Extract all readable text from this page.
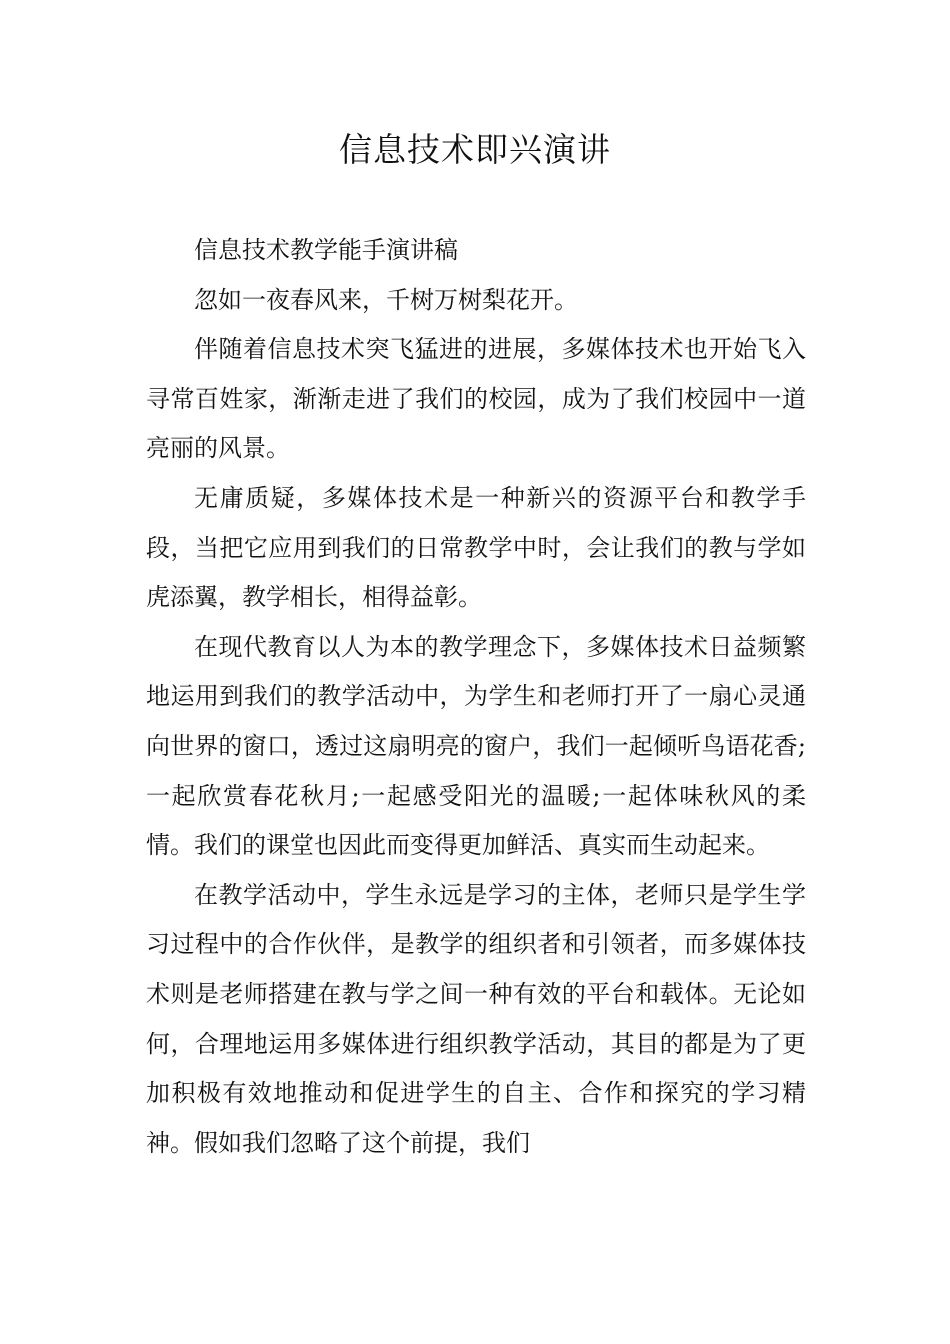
信息技术即兴演讲

信息技术教学能手演讲稿

忽如一夜春风来，千树万树梨花开。

伴随着信息技术突飞猛进的进展，多媒体技术也开始飞入寻常百姓家，渐渐走进了我们的校园，成为了我们校园中一道亮丽的风景。

无庸质疑，多媒体技术是一种新兴的资源平台和教学手段，当把它应用到我们的日常教学中时，会让我们的教与学如虎添翼，教学相长，相得益彰。

在现代教育以人为本的教学理念下，多媒体技术日益频繁地运用到我们的教学活动中，为学生和老师打开了一扇心灵通向世界的窗口，透过这扇明亮的窗户，我们一起倾听鸟语花香;一起欣赏春花秋月;一起感受阳光的温暖;一起体味秋风的柔情。我们的课堂也因此而变得更加鲜活、真实而生动起来。

在教学活动中，学生永远是学习的主体，老师只是学生学习过程中的合作伙伴，是教学的组织者和引领者，而多媒体技术则是老师搭建在教与学之间一种有效的平台和载体。无论如何，合理地运用多媒体进行组织教学活动，其目的都是为了更加积极有效地推动和促进学生的自主、合作和探究的学习精神。假如我们忽略了这个前提，我们
